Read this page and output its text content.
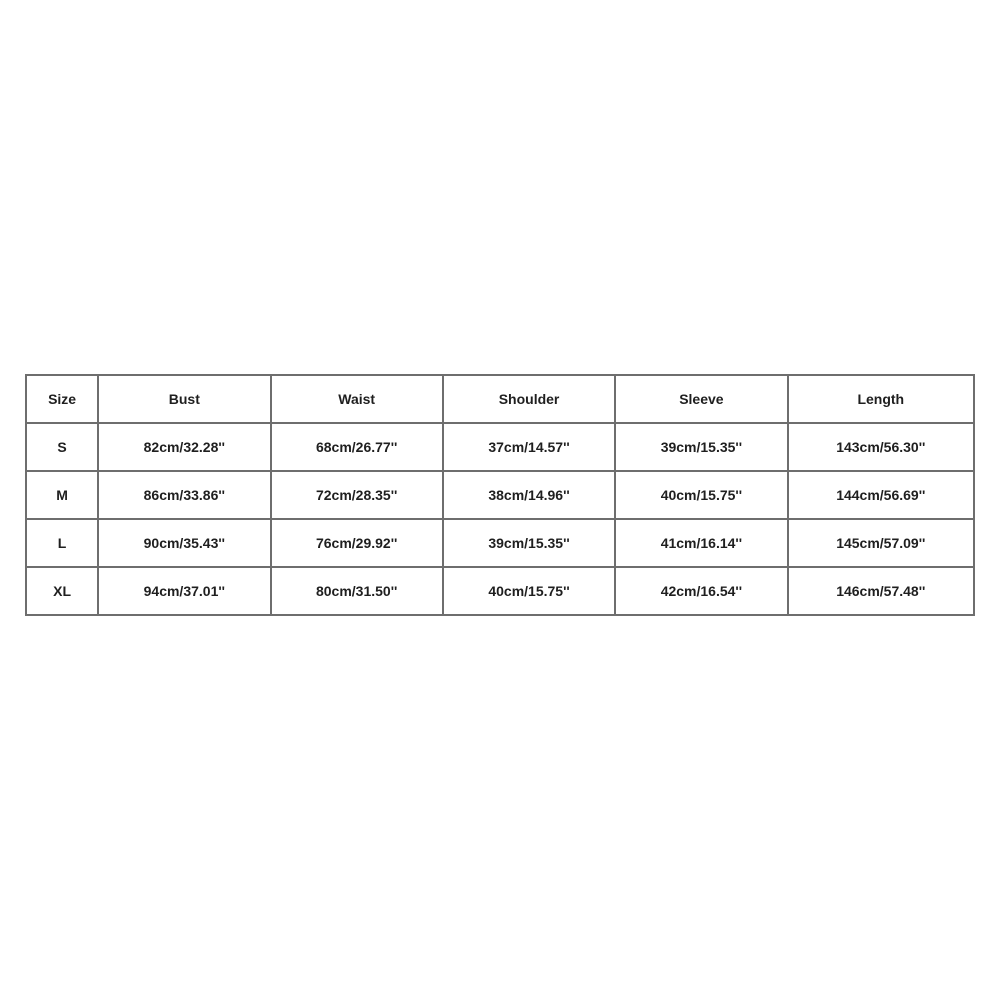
Size	Bust	Waist	Shoulder	Sleeve	Length
S	82cm/32.28''	68cm/26.77''	37cm/14.57''	39cm/15.35''	143cm/56.30''
M	86cm/33.86''	72cm/28.35''	38cm/14.96''	40cm/15.75''	144cm/56.69''
L	90cm/35.43''	76cm/29.92''	39cm/15.35''	41cm/16.14''	145cm/57.09''
XL	94cm/37.01''	80cm/31.50''	40cm/15.75''	42cm/16.54''	146cm/57.48''
